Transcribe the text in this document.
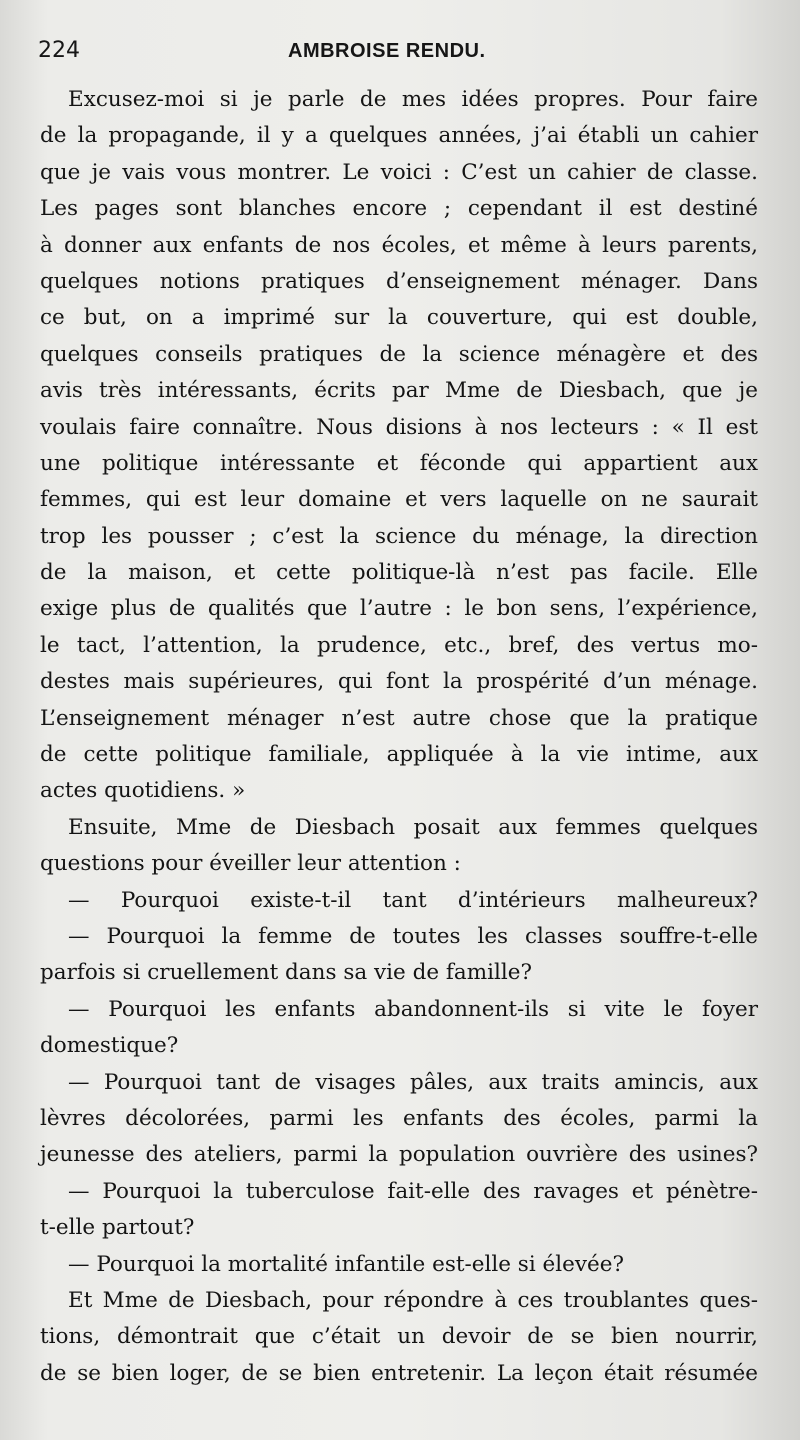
224	AMBROISE RENDU.
Excusez-moi si je parle de mes idées propres. Pour faire
de la propagande, il y a quelques années, j’ai établi un cahier
que je vais vous montrer. Le voici : C’est un cahier de classe.
Les pages sont blanches encore ; cependant il est destiné
à donner aux enfants de nos écoles, et même à leurs parents,
quelques notions pratiques d’enseignement ménager. Dans
ce but, on a imprimé sur la couverture, qui est double,
quelques conseils pratiques de la science ménagère et des
avis très intéressants, écrits par Mme de Diesbach, que je
voulais faire connaître. Nous disions à nos lecteurs : « Il est
une politique intéressante et féconde qui appartient aux
femmes, qui est leur domaine et vers laquelle on ne saurait
trop les pousser ; c’est la science du ménage, la direction
de la maison, et cette politique-là n’est pas facile. Elle
exige plus de qualités que l’autre : le bon sens, l’expérience,
le tact, l’attention, la prudence, etc., bref, des vertus mo-
destes mais supérieures, qui font la prospérité d’un ménage.
L’enseignement ménager n’est autre chose que la pratique
de cette politique familiale, appliquée à la vie intime, aux
actes quotidiens. »
Ensuite, Mme de Diesbach posait aux femmes quelques
questions pour éveiller leur attention :
— Pourquoi existe-t-il tant d’intérieurs malheureux?
— Pourquoi la femme de toutes les classes souffre-t-elle
parfois si cruellement dans sa vie de famille?
— Pourquoi les enfants abandonnent-ils si vite le foyer
domestique?
— Pourquoi tant de visages pâles, aux traits amincis, aux
lèvres décolorées, parmi les enfants des écoles, parmi la
jeunesse des ateliers, parmi la population ouvrière des usines?
— Pourquoi la tuberculose fait-elle des ravages et pénètre-
t-elle partout?
— Pourquoi la mortalité infantile est-elle si élevée?
Et Mme de Diesbach, pour répondre à ces troublantes ques-
tions, démontrait que c’était un devoir de se bien nourrir,
de se bien loger, de se bien entretenir. La leçon était résumée
